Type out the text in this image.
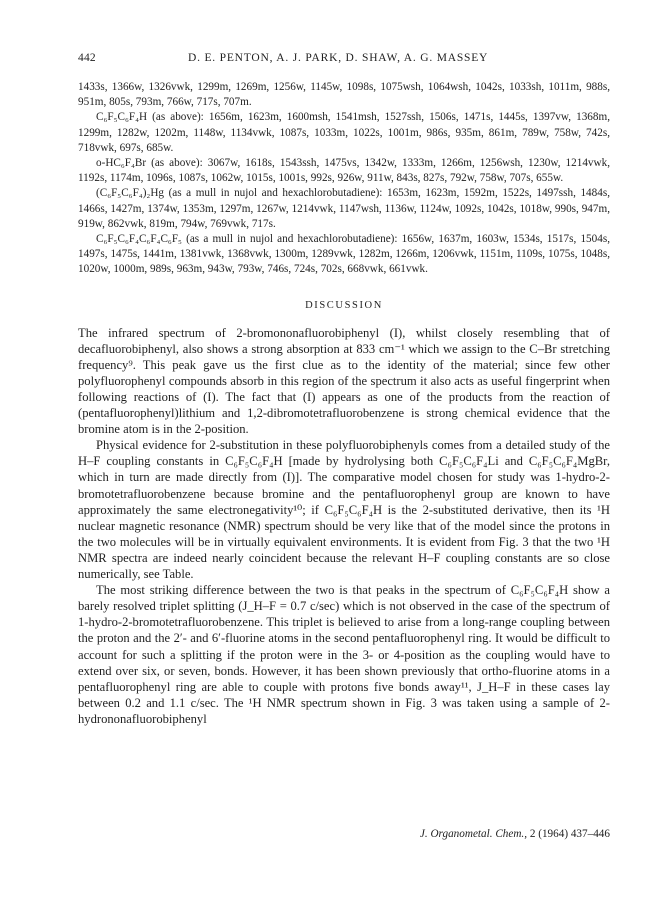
442	D. E. PENTON, A. J. PARK, D. SHAW, A. G. MASSEY

1433s, 1366w, 1326vwk, 1299m, 1269m, 1256w, 1145w, 1098s, 1075wsh, 1064wsh, 1042s, 1033sh, 1011m, 988s, 951m, 805s, 793m, 766w, 717s, 707m.

C₆F₅C₆F₄H (as above): 1656m, 1623m, 1600msh, 1541msh, 1527ssh, 1506s, 1471s, 1445s, 1397vw, 1368m, 1299m, 1282w, 1202m, 1148w, 1134vwk, 1087s, 1033m, 1022s, 1001m, 986s, 935m, 861m, 789w, 758w, 742s, 718vwk, 697s, 685w.

o-HC₆F₄Br (as above): 3067w, 1618s, 1543ssh, 1475vs, 1342w, 1333m, 1266m, 1256wsh, 1230w, 1214vwk, 1192s, 1174m, 1096s, 1087s, 1062w, 1015s, 1001s, 992s, 926w, 911w, 843s, 827s, 792w, 758w, 707s, 655w.

(C₆F₅C₆F₄)₂Hg (as a mull in nujol and hexachlorobutadiene): 1653m, 1623m, 1592m, 1522s, 1497ssh, 1484s, 1466s, 1427m, 1374w, 1353m, 1297m, 1267w, 1214vwk, 1147wsh, 1136w, 1124w, 1092s, 1042s, 1018w, 990s, 947m, 919w, 862vwk, 819m, 794w, 769vwk, 717s.

C₆F₅C₆F₄C₆F₄C₆F₅ (as a mull in nujol and hexachlorobutadiene): 1656w, 1637m, 1603w, 1534s, 1517s, 1504s, 1497s, 1475s, 1441m, 1381vwk, 1368vwk, 1300m, 1289vwk, 1282m, 1266m, 1206vwk, 1151m, 1109s, 1075s, 1048s, 1020w, 1000m, 989s, 963m, 943w, 793w, 746s, 724s, 702s, 668vwk, 661vwk.

DISCUSSION

The infrared spectrum of 2-bromononafluorobiphenyl (I), whilst closely resembling that of decafluorobiphenyl, also shows a strong absorption at 833 cm⁻¹ which we assign to the C–Br stretching frequency⁹. This peak gave us the first clue as to the identity of the material; since few other polyfluorophenyl compounds absorb in this region of the spectrum it also acts as useful fingerprint when following reactions of (I). The fact that (I) appears as one of the products from the reaction of (pentafluorophenyl)lithium and 1,2-dibromotetrafluorobenzene is strong chemical evidence that the bromine atom is in the 2-position.

Physical evidence for 2-substitution in these polyfluorobiphenyls comes from a detailed study of the H–F coupling constants in C₆F₅C₆F₄H [made by hydrolysing both C₆F₅C₆F₄Li and C₆F₅C₆F₄MgBr, which in turn are made directly from (I)]. The comparative model chosen for study was 1-hydro-2-bromotetrafluorobenzene because bromine and the pentafluorophenyl group are known to have approximately the same electronegativity¹⁰; if C₆F₅C₆F₄H is the 2-substituted derivative, then its ¹H nuclear magnetic resonance (NMR) spectrum should be very like that of the model since the protons in the two molecules will be in virtually equivalent environments. It is evident from Fig. 3 that the two ¹H NMR spectra are indeed nearly coincident because the relevant H–F coupling constants are so close numerically, see Table.

The most striking difference between the two is that peaks in the spectrum of C₆F₅C₆F₄H show a barely resolved triplet splitting (J_H–F = 0.7 c/sec) which is not observed in the case of the spectrum of 1-hydro-2-bromotetrafluorobenzene. This triplet is believed to arise from a long-range coupling between the proton and the 2′- and 6′-fluorine atoms in the second pentafluorophenyl ring. It would be difficult to account for such a splitting if the proton were in the 3- or 4-position as the coupling would have to extend over six, or seven, bonds. However, it has been shown previously that ortho-fluorine atoms in a pentafluorophenyl ring are able to couple with protons five bonds away¹¹, J_H–F in these cases lay between 0.2 and 1.1 c/sec. The ¹H NMR spectrum shown in Fig. 3 was taken using a sample of 2-hydrononafluorobiphenyl

J. Organometal. Chem., 2 (1964) 437–446
